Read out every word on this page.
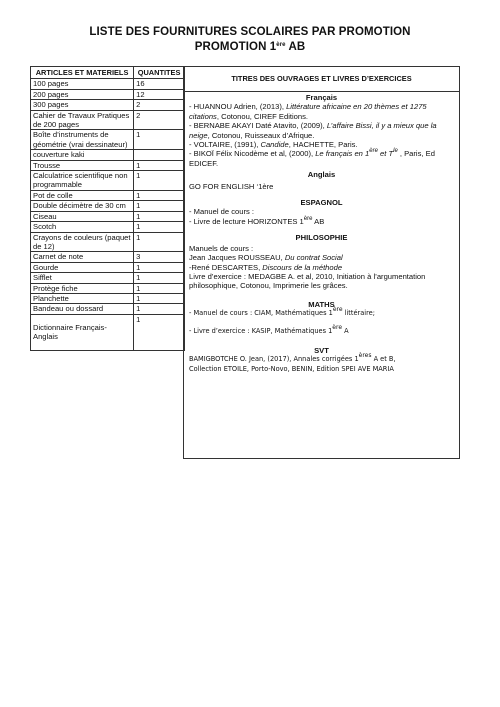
LISTE DES FOURNITURES SCOLAIRES PAR PROMOTION
PROMOTION 1ère AB
ARTICLES ET MATERIELS	QUANTITES
100 pages	16
200 pages	12
300 pages	2
Cahier de Travaux Pratiques de 200 pages	2
Boîte d’instruments de géométrie (vrai dessinateur)	1
couverture kaki	
Trousse	1
Calculatrice scientifique non programmable	1
Pot de colle	1
Double décimètre de 30 cm	1
Ciseau	1
Scotch	1
Crayons de couleurs (paquet de 12)	1
Carnet de note	3
Gourde	1
Sifflet	1
Protège fiche	1
Planchette	1
Bandeau ou dossard	1
Dictionnaire Français-Anglais	1
TITRES DES OUVRAGES ET LIVRES D’EXERCICES

Français

- HUANNOU Adrien, (2013), Littérature africaine en 20 thèmes et 1275 citations, Cotonou, CIREF Editions.

- BERNABE AKAYI Daté Atavito, (2009), L’affaire Bissi, il y a mieux que la neige, Cotonou, Ruisseaux d’Afrique.

- VOLTAIRE, (1991), Candide, HACHETTE, Paris.

- BIKOÏ Félix Nicodème et al, (2000), Le français en 1ère et $T^{le}$ , Paris, Ed EDICEF.

Anglais

GO FOR ENGLISH ‘1ère

ESPAGNOL

- Manuel de cours :

- Livre de lecture HORIZONTES 1ère AB

PHILOSOPHIE

Manuels de cours :

Jean Jacques ROUSSEAU, Du contrat Social

-René DESCARTES, Discours de la méthode

Livre d’exercice : MEDAGBE A. et al, 2010, Initiation à l’argumentation philosophique, Cotonou, Imprimerie les grâces.

MATHS

- Manuel de cours : CIAM, Mathématiques 1ère littéraire;

- Livre d’exercice : KASIP, Mathématiques 1ère A

SVT

BAMIGBOTCHE O. Jean, (2017), Annales corrigées 1ères A et B,

Collection ETOILE, Porto-Novo, BENIN, Edition SPEI AVE MARIA
